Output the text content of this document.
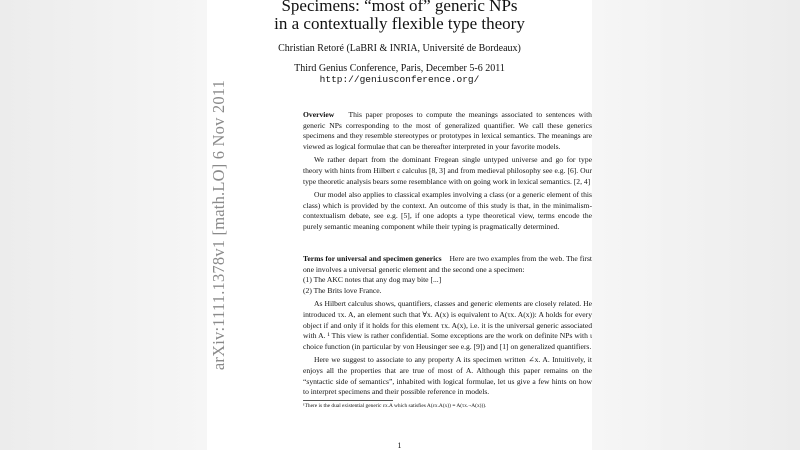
arXiv:1111.1378v1 [math.LO] 6 Nov 2011
Specimens: “most of” generic NPs
in a contextually flexible type theory
Christian Retoré (LaBRI & INRIA, Université de Bordeaux)
Third Genius Conference, Paris, December 5-6 2011
http://geniusconference.org/

Overview This paper proposes to compute the meanings associated to sentences with generic NPs corresponding to the most of generalized quantifier. We call these generics specimens and they resemble stereotypes or prototypes in lexical semantics. The meanings are viewed as logical formulae that can be thereafter interpreted in your favorite models.

We rather depart from the dominant Fregean single untyped universe and go for type theory with hints from Hilbert ε calculus [8, 3] and from medieval philosophy see e.g. [6]. Our type theoretic analysis bears some resemblance with on going work in lexical semantics. [2, 4]

Our model also applies to classical examples involving a class (or a generic element of this class) which is provided by the context. An outcome of this study is that, in the minimalism-contextualism debate, see e.g. [5], if one adopts a type theoretical view, terms encode the purely semantic meaning component while their typing is pragmatically determined.

Terms for universal and specimen generics Here are two examples from the web. The first one involves a universal generic element and the second one a specimen:

(1) The AKC notes that any dog may bite [...]

(2) The Brits love France.

As Hilbert calculus shows, quantifiers, classes and generic elements are closely related. He introduced τx. A, an element such that ∀x. A(x) is equivalent to A(τx. A(x)): A holds for every object if and only if it holds for this element τx. A(x), i.e. it is the universal generic associated with A. ¹ This view is rather confidential. Some exceptions are the work on definite NPs with ι choice function (in particular by von Heusinger see e.g. [9]) and [1] on generalized quantifiers.

Here we suggest to associate to any property A its specimen written ∠x. A. Intuitively, it enjoys all the properties that are true of most of A. Although this paper remains on the “syntactic side of semantics”, inhabited with logical formulae, let us give a few hints on how to interpret specimens and their possible reference in models.

¹There is the dual existential generic εx.A which satisfies A(εx.A(x)) ≡ A(τx.¬A(x))).
1
